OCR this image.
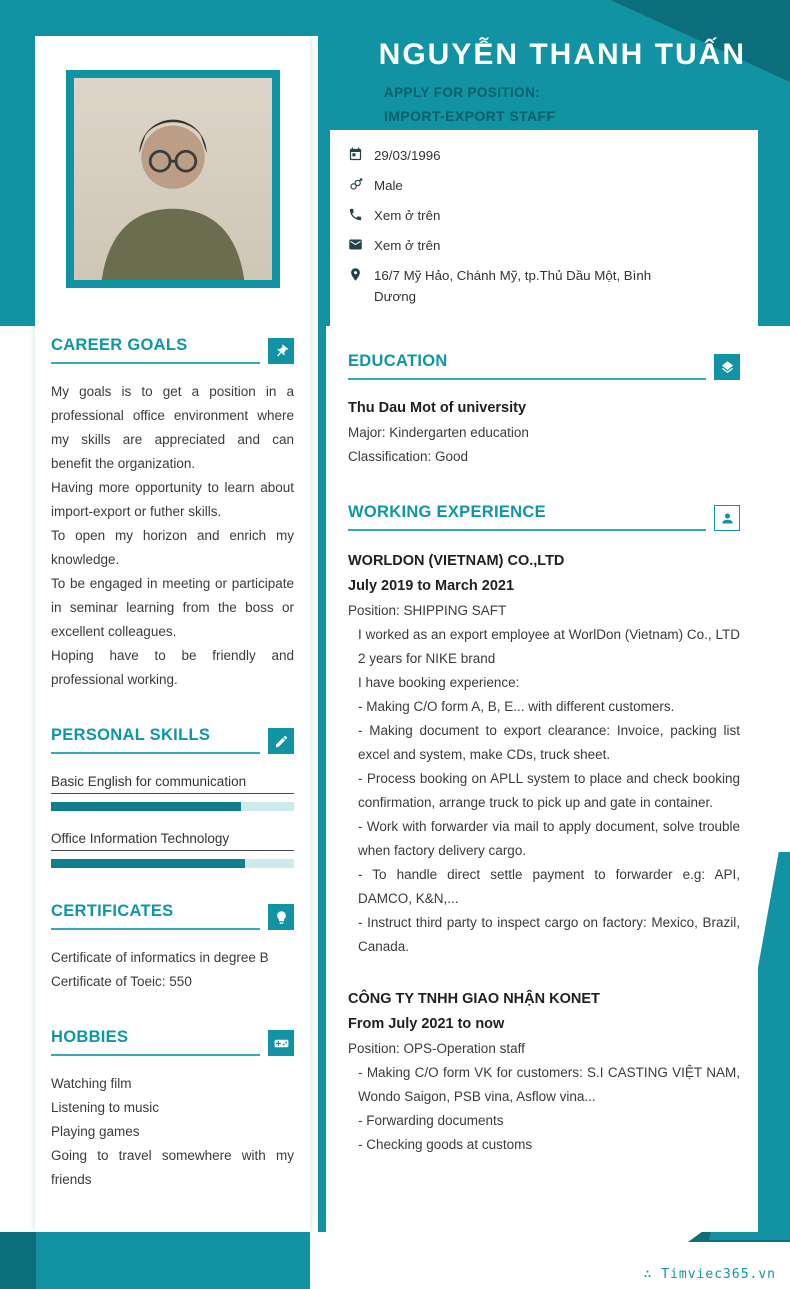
NGUYỄN THANH TUẤN
APPLY FOR POSITION:
IMPORT-EXPORT STAFF
29/03/1996
Male
Xem ở trên
Xem ở trên
16/7 Mỹ Hảo, Chánh Mỹ, tp.Thủ Dầu Một, Bình Dương
CAREER GOALS

My goals is to get a position in a professional office environment where my skills are appreciated and can benefit the organization.

Having more opportunity to learn about import-export or futher skills.

To open my horizon and enrich my knowledge.

To be engaged in meeting or participate in seminar learning from the boss or excellent colleagues.

Hoping have to be friendly and professional working.

PERSONAL SKILLS
Basic English for communication
Office Information Technology
CERTIFICATES
Certificate of informatics in degree B
Certificate of Toeic: 550
HOBBIES
Watching film
Listening to music
Playing games
Going to travel somewhere with my friends
EDUCATION
Thu Dau Mot of university
Major: Kindergarten education
Classification: Good
WORKING EXPERIENCE
WORLDON (VIETNAM) CO.,LTD
July 2019 to March 2021
Position: SHIPPING SAFT
I worked as an export employee at WorlDon (Vietnam) Co., LTD 2 years for NIKE brand
I have booking experience:
- Making C/O form A, B, E... with different customers.
- Making document to export clearance: Invoice, packing list excel and system, make CDs, truck sheet.
- Process booking on APLL system to place and check booking confirmation, arrange truck to pick up and gate in container.
- Work with forwarder via mail to apply document, solve trouble when factory delivery cargo.
- To handle direct settle payment to forwarder e.g: API, DAMCO, K&N,...
- Instruct third party to inspect cargo on factory: Mexico, Brazil, Canada.
CÔNG TY TNHH GIAO NHẬN KONET
From July 2021 to now
Position: OPS-Operation staff
- Making C/O form VK for customers: S.I CASTING VIỆT NAM, Wondo Saigon, PSB vina, Asflow vina...
- Forwarding documents
- Checking goods at customs
∴ Timviec365.vn
